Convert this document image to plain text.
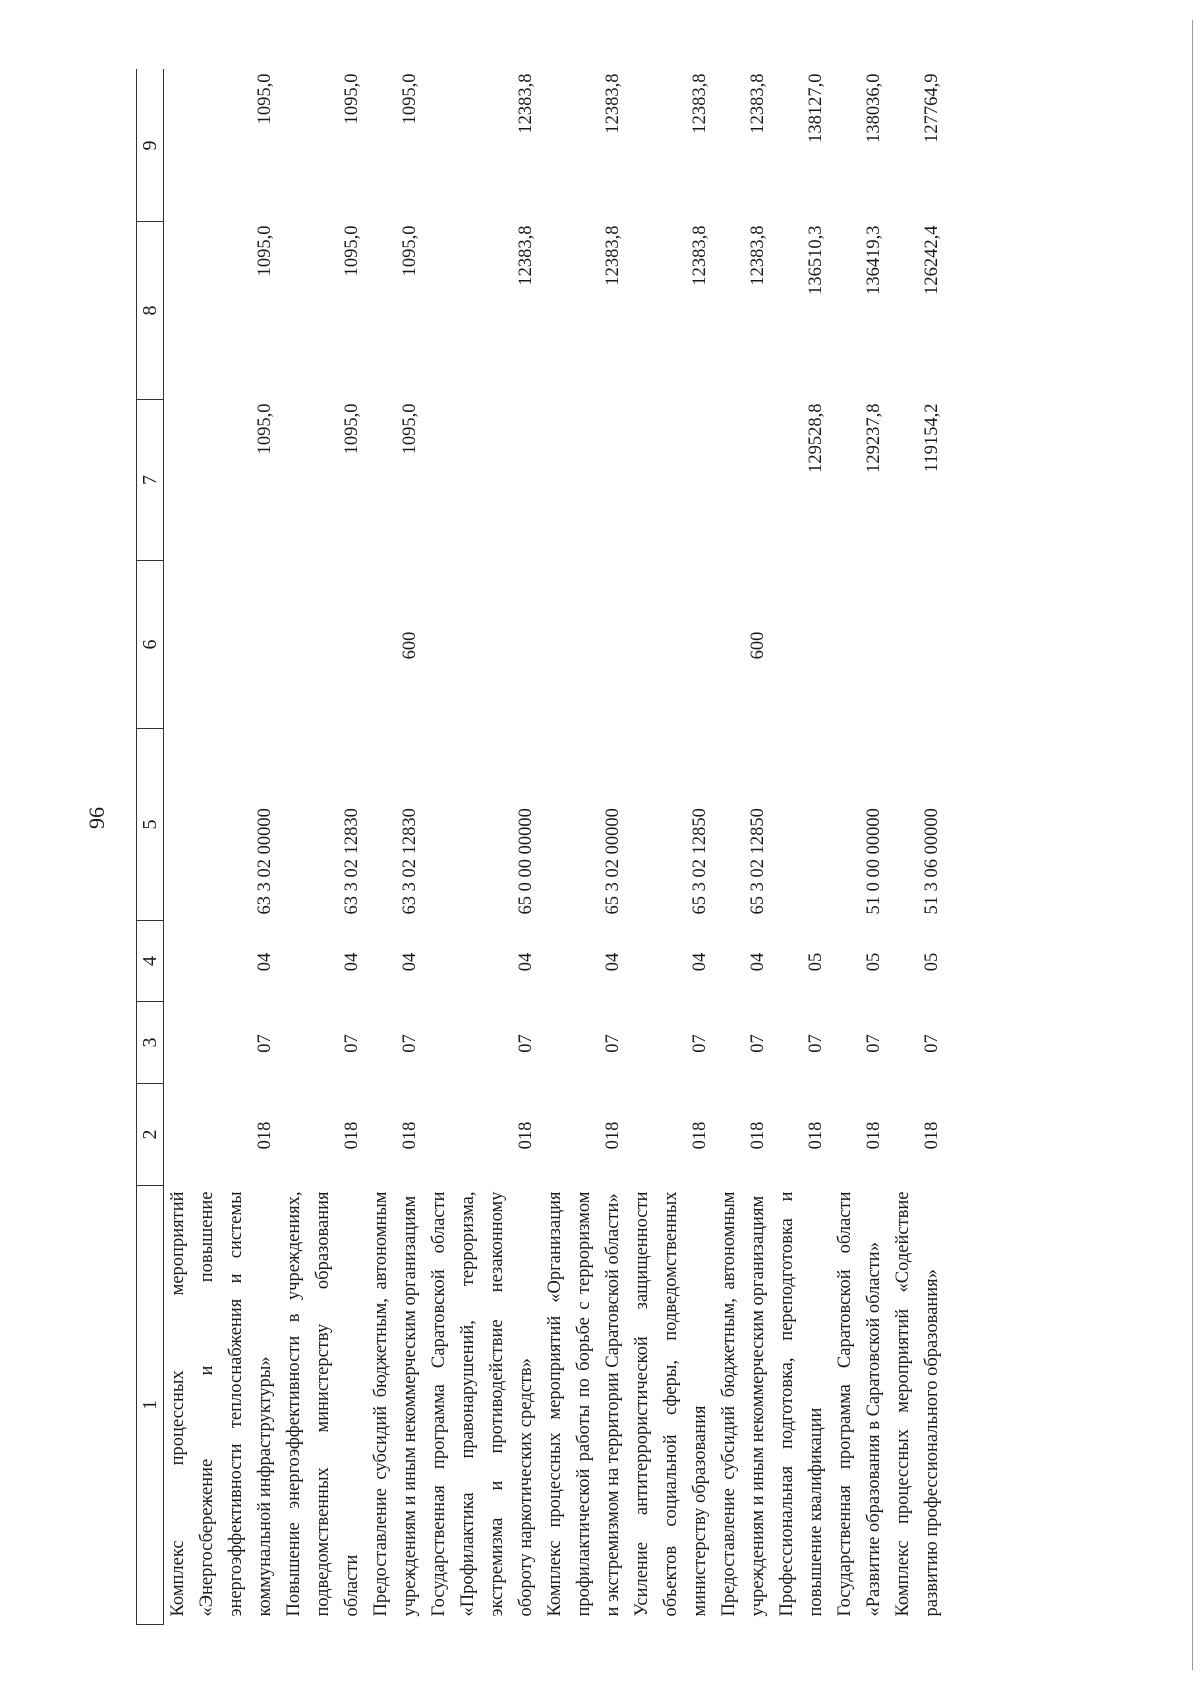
96
1	2	3	4	5	6	7	8	9
Комплекс процессных мероприятий «Энергосбережение и повышение энергоэффективности теплоснабжения и системы коммунальной инфраструктуры»	018	07	04	63 3 02 00000		1095,0	1095,0	1095,0
Повышение энергоэффективности в учреждениях, подведомственных министерству образования области	018	07	04	63 3 02 12830		1095,0	1095,0	1095,0
Предоставление субсидий бюджетным, автономным учреждениям и иным некоммерческим организациям	018	07	04	63 3 02 12830	600	1095,0	1095,0	1095,0
Государственная программа Саратовской области «Профилактика правонарушений, терроризма, экстремизма и противодействие незаконному обороту наркотических средств»	018	07	04	65 0 00 00000			12383,8	12383,8
Комплекс процессных мероприятий «Организация профилактической работы по борьбе с терроризмом и экстремизмом на территории Саратовской области»	018	07	04	65 3 02 00000			12383,8	12383,8
Усиление антитеррористической защищенности объектов социальной сферы, подведомственных министерству образования	018	07	04	65 3 02 12850			12383,8	12383,8
Предоставление субсидий бюджетным, автономным учреждениям и иным некоммерческим организациям	018	07	04	65 3 02 12850	600		12383,8	12383,8
Профессиональная подготовка, переподготовка и повышение квалификации	018	07	05			129528,8	136510,3	138127,0
Государственная программа Саратовской области «Развитие образования в Саратовской области»	018	07	05	51 0 00 00000		129237,8	136419,3	138036,0
Комплекс процессных мероприятий «Содействие развитию профессионального образования»	018	07	05	51 3 06 00000		119154,2	126242,4	127764,9
